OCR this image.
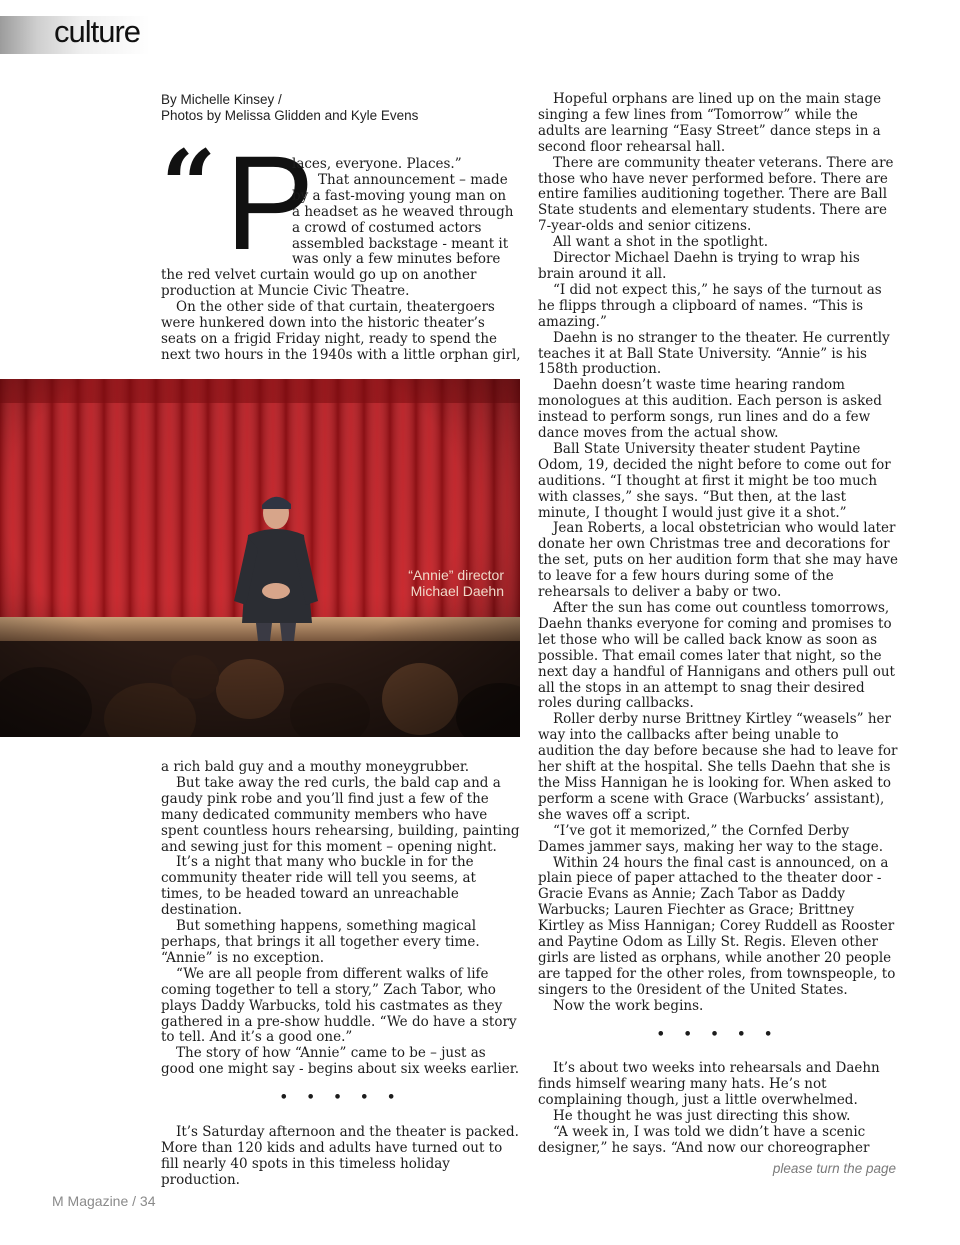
culture
By Michelle Kinsey /
Photos by Melissa Glidden and Kyle Evens
“ P
laces, everyone. Places.”
That announcement – made
by a fast-moving young man on
a headset as he weaved through
a crowd of costumed actors
assembled backstage - meant it
was only a few minutes before

the red velvet curtain would go up on another production at Muncie Civic Theatre.

On the other side of that curtain, theatergoers were hunkered down into the historic theater’s seats on a frigid Friday night, ready to spend the next two hours in the 1940s with a little orphan girl,

“Annie” director
Michael Daehn

a rich bald guy and a mouthy moneygrubber.

But take away the red curls, the bald cap and a gaudy pink robe and you’ll find just a few of the many dedicated community members who have spent countless hours rehearsing, building, painting and sewing just for this moment – opening night.

It’s a night that many who buckle in for the community theater ride will tell you seems, at times, to be headed toward an unreachable destination.

But something happens, something magical perhaps, that brings it all together every time. “Annie” is no exception.

“We are all people from different walks of life coming together to tell a story,” Zach Tabor, who plays Daddy Warbucks, told his castmates as they gathered in a pre-show huddle. “We do have a story to tell. And it’s a good one.”

The story of how “Annie” came to be – just as good one might say - begins about six weeks earlier.

• • • • •

It’s Saturday afternoon and the theater is packed. More than 120 kids and adults have turned out to fill nearly 40 spots in this timeless holiday production.

Hopeful orphans are lined up on the main stage singing a few lines from “Tomorrow” while the adults are learning “Easy Street” dance steps in a second floor rehearsal hall.

There are community theater veterans. There are those who have never performed before. There are entire families auditioning together. There are Ball State students and elementary students. There are 7-year-olds and senior citizens.

All want a shot in the spotlight.

Director Michael Daehn is trying to wrap his brain around it all.

“I did not expect this,” he says of the turnout as he flipps through a clipboard of names. “This is amazing.”

Daehn is no stranger to the theater. He currently teaches it at Ball State University. “Annie” is his 158th production.

Daehn doesn’t waste time hearing random monologues at this audition. Each person is asked instead to perform songs, run lines and do a few dance moves from the actual show.

Ball State University theater student Paytine Odom, 19, decided the night before to come out for auditions. “I thought at first it might be too much with classes,” she says. “But then, at the last minute, I thought I would just give it a shot.”

Jean Roberts, a local obstetrician who would later donate her own Christmas tree and decorations for the set, puts on her audition form that she may have to leave for a few hours during some of the rehearsals to deliver a baby or two.

After the sun has come out countless tomorrows, Daehn thanks everyone for coming and promises to let those who will be called back know as soon as possible. That email comes later that night, so the next day a handful of Hannigans and others pull out all the stops in an attempt to snag their desired roles during callbacks.

Roller derby nurse Brittney Kirtley “weasels” her way into the callbacks after being unable to audition the day before because she had to leave for her shift at the hospital. She tells Daehn that she is the Miss Hannigan he is looking for. When asked to perform a scene with Grace (Warbucks’ assistant), she waves off a script.

“I’ve got it memorized,” the Cornfed Derby Dames jammer says, making her way to the stage.

Within 24 hours the final cast is announced, on a plain piece of paper attached to the theater door - Gracie Evans as Annie; Zach Tabor as Daddy Warbucks; Lauren Fiechter as Grace; Brittney Kirtley as Miss Hannigan; Corey Ruddell as Rooster and Paytine Odom as Lilly St. Regis. Eleven other girls are listed as orphans, while another 20 people are tapped for the other roles, from townspeople, to singers to the 0resident of the United States.

Now the work begins.

• • • • •

It’s about two weeks into rehearsals and Daehn finds himself wearing many hats. He’s not complaining though, just a little overwhelmed.

He thought he was just directing this show.

“A week in, I was told we didn’t have a scenic designer,” he says. “And now our choreographer

please turn the page
M Magazine / 34
